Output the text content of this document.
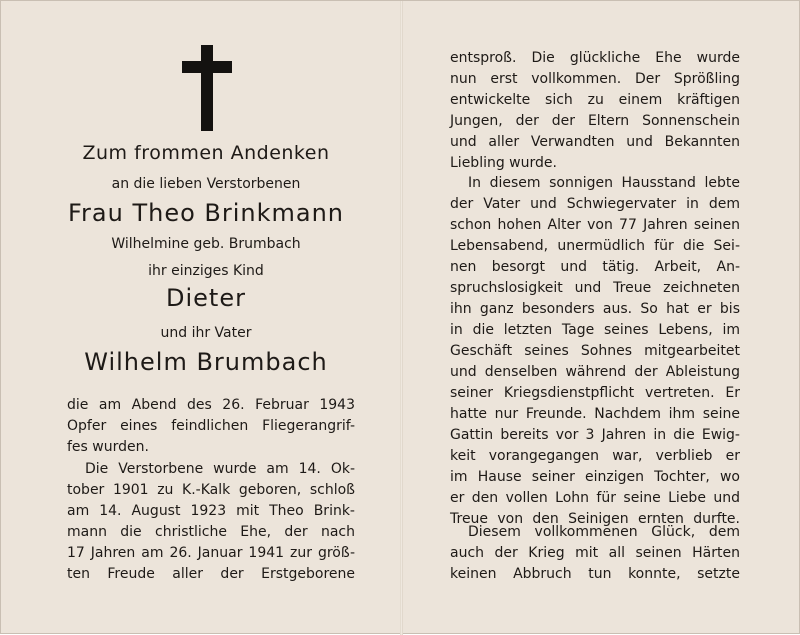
Zum frommen Andenken

an die lieben Verstorbenen

Frau Theo Brinkmann

Wilhelmine geb. Brumbach

ihr einziges Kind

Dieter

und ihr Vater

Wilhelm Brumbach

die am Abend des 26. Februar 1943
Opfer eines feindlichen Fliegerangrif-
fes wurden.
Die Verstorbene wurde am 14. Ok-
tober 1901 zu K.-Kalk geboren, schloß
am 14. August 1923 mit Theo Brink-
mann die christliche Ehe, der nach
17 Jahren am 26. Januar 1941 zur größ-
ten Freude aller der Erstgeborene
entsproß. Die glückliche Ehe wurde
nun erst vollkommen. Der Sprößling
entwickelte sich zu einem kräftigen
Jungen, der der Eltern Sonnenschein
und aller Verwandten und Bekannten
Liebling wurde.
In diesem sonnigen Hausstand lebte
der Vater und Schwiegervater in dem
schon hohen Alter von 77 Jahren seinen
Lebensabend, unermüdlich für die Sei-
nen besorgt und tätig. Arbeit, An-
spruchslosigkeit und Treue zeichneten
ihn ganz besonders aus. So hat er bis
in die letzten Tage seines Lebens, im
Geschäft seines Sohnes mitgearbeitet
und denselben während der Ableistung
seiner Kriegsdienstpflicht vertreten. Er
hatte nur Freunde. Nachdem ihm seine
Gattin bereits vor 3 Jahren in die Ewig-
keit vorangegangen war, verblieb er
im Hause seiner einzigen Tochter, wo
er den vollen Lohn für seine Liebe und
Treue von den Seinigen ernten durfte.
Diesem vollkommenen Glück, dem
auch der Krieg mit all seinen Härten
keinen Abbruch tun konnte, setzte
